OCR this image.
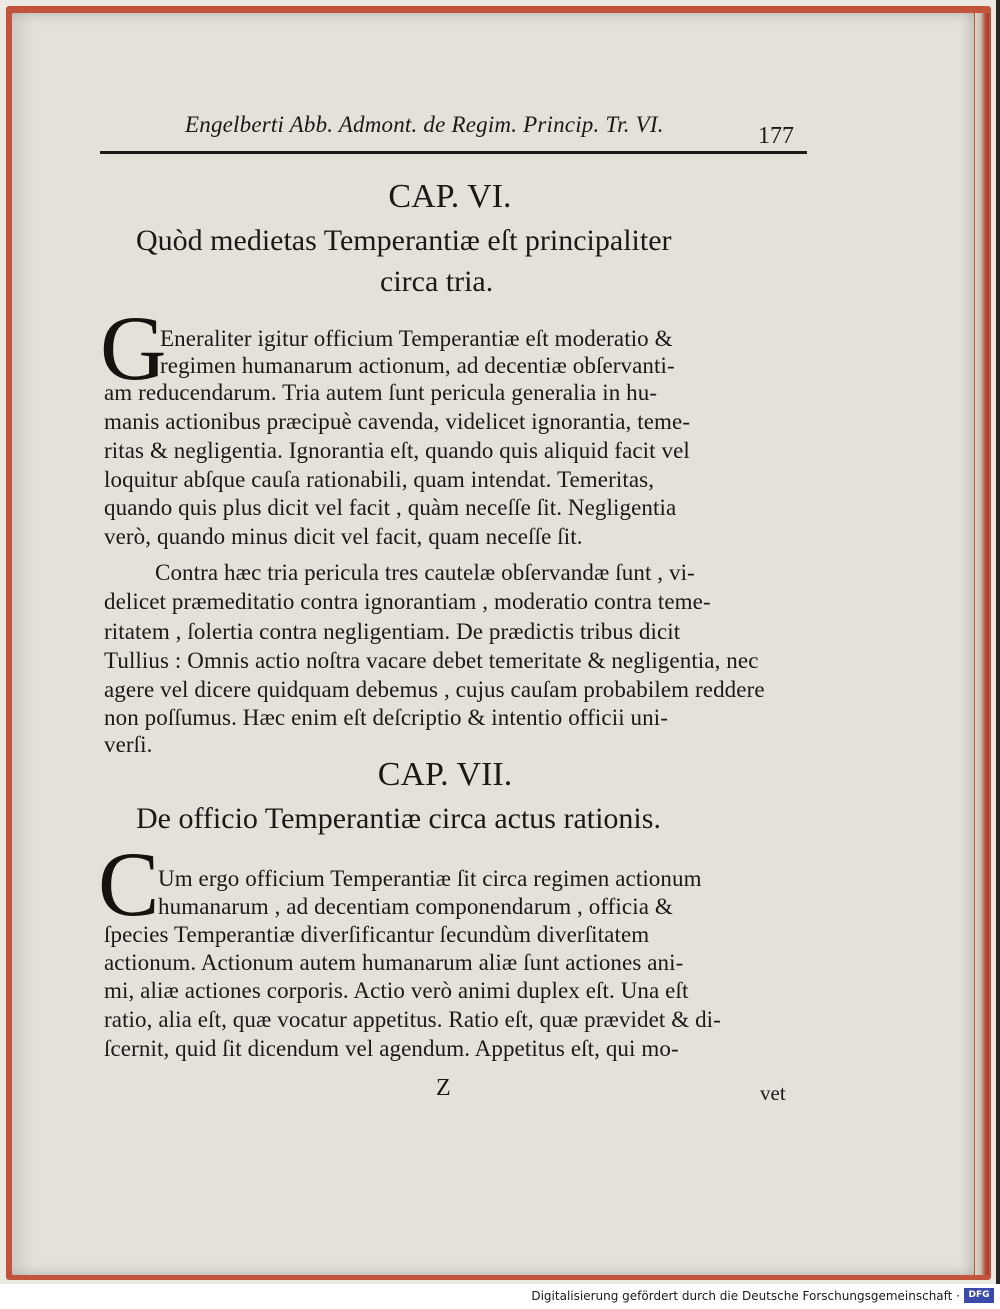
Engelberti Abb. Admont. de Regim. Princip. Tr. VI.	177

CAP. VI.

Quòd medietas Temperantiæ eſt principaliter

circa tria.

G

Eneraliter igitur officium Temperantiæ eſt moderatio &

regimen humanarum actionum, ad decentiæ obſervanti-

am reducendarum. Tria autem ſunt pericula generalia in hu-

manis actionibus præcipuè cavenda, videlicet ignorantia, teme-

ritas & negligentia. Ignorantia eſt, quando quis aliquid facit vel

loquitur abſque cauſa rationabili, quam intendat. Temeritas,

quando quis plus dicit vel facit , quàm neceſſe ſit. Negligentia

verò, quando minus dicit vel facit, quam neceſſe ſit.

Contra hæc tria pericula tres cautelæ obſervandæ ſunt , vi-

delicet præmeditatio contra ignorantiam , moderatio contra teme-

ritatem , ſolertia contra negligentiam. De prædictis tribus dicit

Tullius : Omnis actio noſtra vacare debet temeritate & negligentia, nec

agere vel dicere quidquam debemus , cujus cauſam probabilem reddere

non poſſumus. Hæc enim eſt deſcriptio & intentio officii uni-

verſi.

CAP. VII.

De officio Temperantiæ circa actus rationis.

C

Um ergo officium Temperantiæ ſit circa regimen actionum

humanarum , ad decentiam componendarum , officia &

ſpecies Temperantiæ diverſificantur ſecundùm diverſitatem

actionum. Actionum autem humanarum aliæ ſunt actiones ani-

mi, aliæ actiones corporis. Actio verò animi duplex eſt. Una eſt

ratio, alia eſt, quæ vocatur appetitus. Ratio eſt, quæ prævidet & di-

ſcernit, quid ſit dicendum vel agendum. Appetitus eſt, qui mo-

Z	vet

Digitalisierung gefördert durch die Deutsche Forschungsgemeinschaft · DFG
